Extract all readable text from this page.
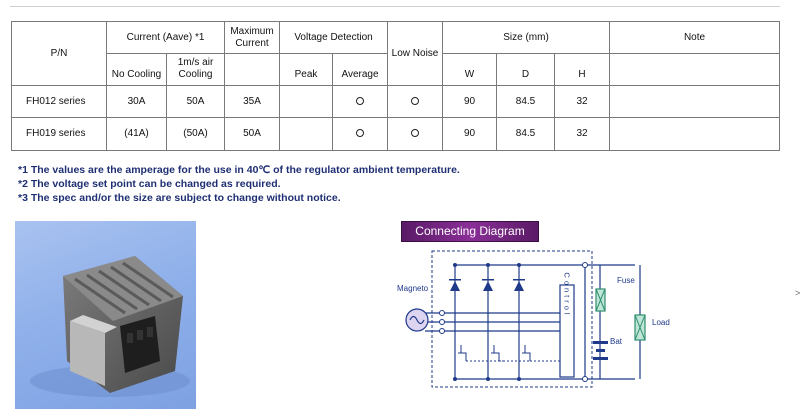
P/N	Current (Aave) *1		Maximum Current	Voltage Detection		Low Noise	Size (mm)			Note
	No Cooling	1m/s air Cooling		Peak	Average		W	D	H	
FH012 series	30A	50A	35A				90	84.5	32	
FH019 series	(41A)	(50A)	50A				90	84.5	32	
*1 The values are the amperage for the use in 40℃ of the regulator ambient temperature.
*2 The voltage set point can be changed as required.
*3 The spec and/or the size are subject to change without notice.
Connecting Diagram
Magneto	Control	Fuse
Bat
Load
>
